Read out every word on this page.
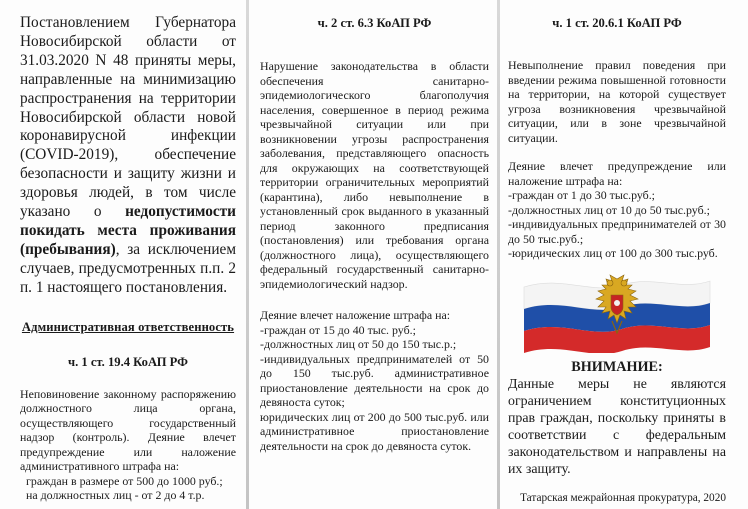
Постановлением Губернатора Новосибирской области от 31.03.2020 N 48 приняты меры, направленные на минимизацию распространения на территории Новосибирской области новой коронавирусной инфекции (COVID-2019), обеспечение безопасности и защиту жизни и здоровья людей, в том числе указано о недопустимости покидать места проживания (пребывания), за исключением случаев, предусмотренных п.п. 2 п. 1 настоящего постановления.

Административная ответственность

ч. 1 ст. 19.4 КоАП РФ

Неповиновение законному распоряжению должностного лица органа, осуществляющего государственный надзор (контроль). Деяние влечет предупреждение или наложение административного штрафа на:
граждан в размере от 500 до 1000 руб.;
на должностных лиц - от 2 до 4 т.р.

ч. 2 ст. 6.3 КоАП РФ

Нарушение законодательства в области обеспечения санитарно-эпидемиологического благополучия населения, совершенное в период режима чрезвычайной ситуации или при возникновении угрозы распространения заболевания, представляющего опасность для окружающих на соответствующей территории ограничительных мероприятий (карантина), либо невыполнение в установленный срок выданного в указанный период законного предписания (постановления) или требования органа (должностного лица), осуществляющего федеральный государственный санитарно-эпидемиологический надзор.

Деяние влечет наложение штрафа на:
-граждан от 15 до 40 тыс. руб.;
-должностных лиц от 50 до 150 тыс.р.;
-индивидуальных предпринимателей от 50 до 150 тыс.руб. административное приостановление деятельности на срок до девяноста суток;
юридических лиц от 200 до 500 тыс.руб. или административное приостановление деятельности на срок до девяноста суток.

ч. 1 ст. 20.6.1 КоАП РФ

Невыполнение правил поведения при введении режима повышенной готовности на территории, на которой существует угроза возникновения чрезвычайной ситуации, или в зоне чрезвычайной ситуации.

Деяние влечет предупреждение или наложение штрафа на:
-граждан от 1 до 30 тыс.руб.;
-должностных лиц от 10 до 50 тыс.руб.;
-индивидуальных предпринимателей от 30 до 50 тыс.руб.;
-юридических лиц от 100 до 300 тыс.руб.

ВНИМАНИЕ:

Данные меры не являются ограничением конституционных прав граждан, поскольку приняты в соответствии с федеральным законодательством и направлены на их защиту.

Татарская межрайонная прокуратура, 2020
